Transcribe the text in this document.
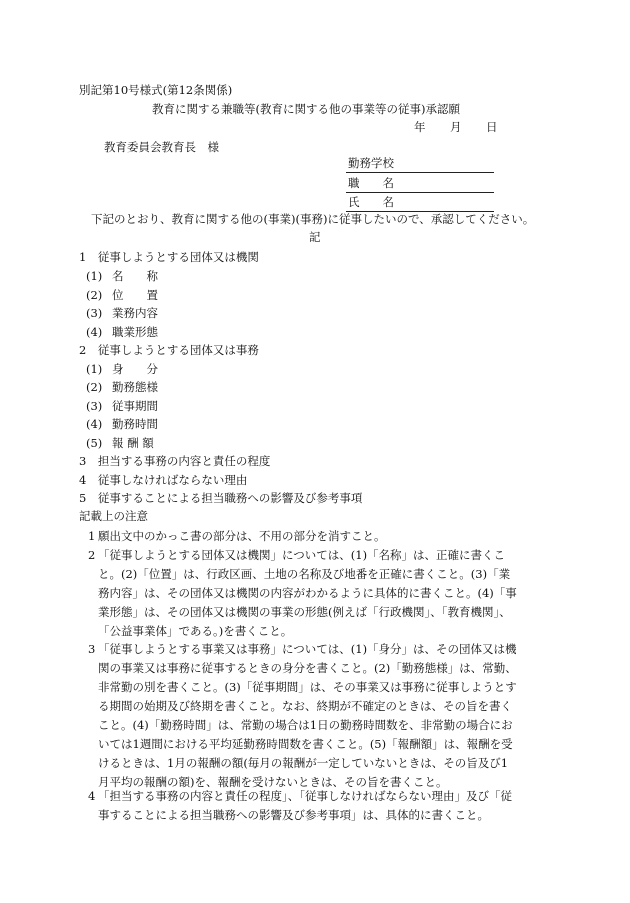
別記第10号様式(第12条関係)
教育に関する兼職等(教育に関する他の事業等の従事)承認願
年 月 日
教育委員会教育長　様
勤務学校
職　　名
氏　　名
下記のとおり、教育に関する他の(事業)(事務)に従事したいので、承認してください。
記
1　従事しようとする団体又は機関
(1) 名　　称
(2) 位　　置
(3) 業務内容
(4) 職業形態
2　従事しようとする団体又は事務
(1) 身　　分
(2) 勤務態様
(3) 従事期間
(4) 勤務時間
(5) 報 酬 額
3　担当する事務の内容と責任の程度
4　従事しなければならない理由
5　従事することによる担当職務への影響及び参考事項
記載上の注意
1 願出文中のかっこ書の部分は、不用の部分を消すこと。
2 「従事しようとする団体又は機関」については、(1)「名称」は、正確に書くこと。(2)「位置」は、行政区画、土地の名称及び地番を正確に書くこと。(3)「業務内容」は、その団体又は機関の内容がわかるように具体的に書くこと。(4)「事業形態」は、その団体又は機関の事業の形態(例えば「行政機関」、「教育機関」、「公益事業体」である。)を書くこと。
3 「従事しようとする事業又は事務」については、(1)「身分」は、その団体又は機関の事業又は事務に従事するときの身分を書くこと。(2)「勤務態様」は、常勤、非常勤の別を書くこと。(3)「従事期間」は、その事業又は事務に従事しようとする期間の始期及び終期を書くこと。なお、終期が不確定のときは、その旨を書くこと。(4)「勤務時間」は、常勤の場合は1日の勤務時間数を、非常勤の場合においては1週間における平均延勤務時間数を書くこと。(5)「報酬額」は、報酬を受けるときは、1月の報酬の額(毎月の報酬が一定していないときは、その旨及び1月平均の報酬の額)を、報酬を受けないときは、その旨を書くこと。
4 「担当する事務の内容と責任の程度」、「従事しなければならない理由」及び「従事することによる担当職務への影響及び参考事項」は、具体的に書くこと。
